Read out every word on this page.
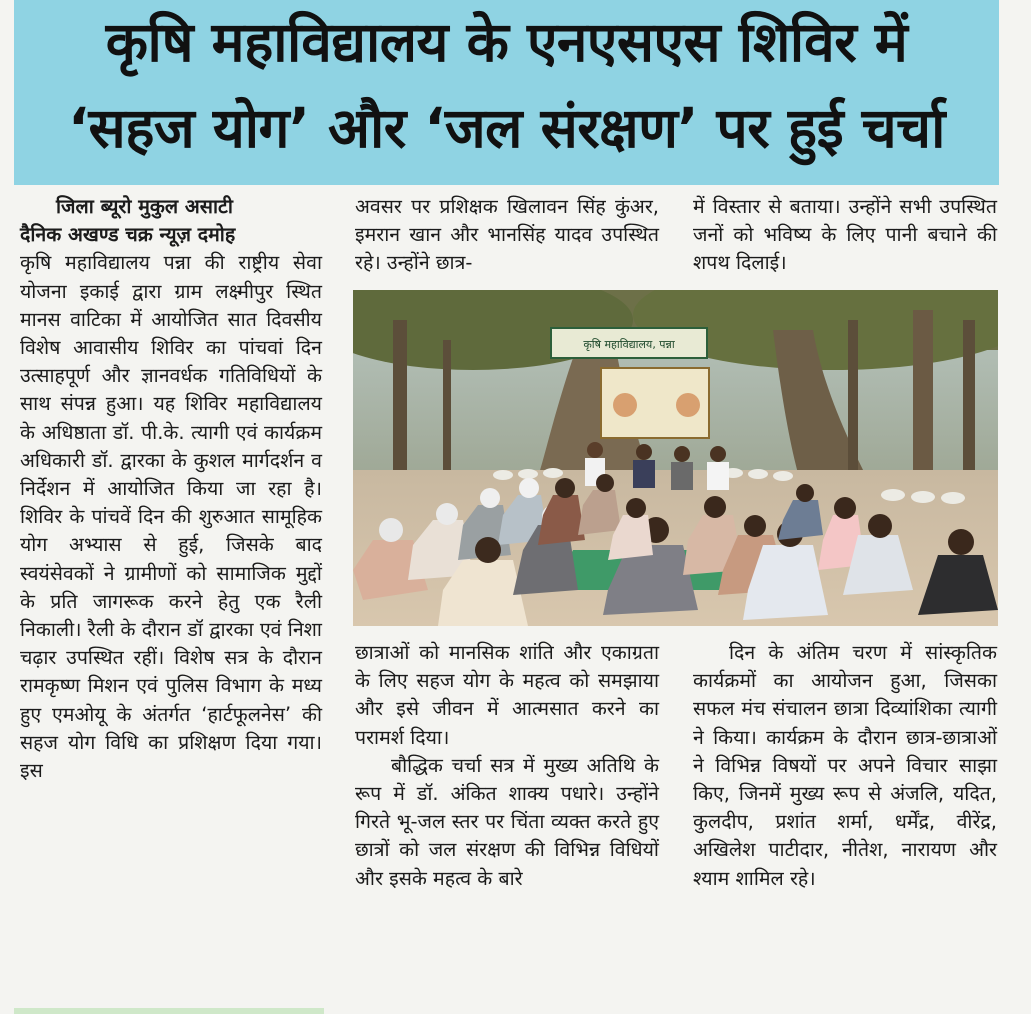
कृषि महाविद्यालय के एनएसएस शिविर में
‘सहज योग’ और ‘जल संरक्षण’ पर हुई चर्चा

जिला ब्यूरो मुकुल असाटी

दैनिक अखण्ड चक्र न्यूज़ दमोह

कृषि महाविद्यालय पन्ना की राष्ट्रीय सेवा योजना इकाई द्वारा ग्राम लक्ष्मीपुर स्थित मानस वाटिका में आयोजित सात दिवसीय विशेष आवासीय शिविर का पांचवां दिन उत्साहपूर्ण और ज्ञानवर्धक गतिविधियों के साथ संपन्न हुआ। यह शिविर महाविद्यालय के अधिष्ठाता डॉ. पी.के. त्यागी एवं कार्यक्रम अधिकारी डॉ. द्वारका के कुशल मार्गदर्शन व निर्देशन में आयोजित किया जा रहा है। शिविर के पांचवें दिन की शुरुआत सामूहिक योग अभ्यास से हुई, जिसके बाद स्वयंसेवकों ने ग्रामीणों को सामाजिक मुद्दों के प्रति जागरूक करने हेतु एक रैली निकाली। रैली के दौरान डॉ द्वारका एवं निशा चढ़ार उपस्थित रहीं। विशेष सत्र के दौरान रामकृष्ण मिशन एवं पुलिस विभाग के मध्य हुए एमओयू के अंतर्गत ‘हार्टफूलनेस’ की सहज योग विधि का प्रशिक्षण दिया गया। इस

अवसर पर प्रशिक्षक खिलावन सिंह कुंअर, इमरान खान और भानसिंह यादव उपस्थित रहे। उन्होंने छात्र-

में विस्तार से बताया। उन्होंने सभी उपस्थित जनों को भविष्य के लिए पानी बचाने की शपथ दिलाई।

कृषि महाविद्यालय, पन्ना

छात्राओं को मानसिक शांति और एकाग्रता के लिए सहज योग के महत्व को समझाया और इसे जीवन में आत्मसात करने का परामर्श दिया।

बौद्धिक चर्चा सत्र में मुख्य अतिथि के रूप में डॉ. अंकित शाक्य पधारे। उन्होंने गिरते भू-जल स्तर पर चिंता व्यक्त करते हुए छात्रों को जल संरक्षण की विभिन्न विधियों और इसके महत्व के बारे

दिन के अंतिम चरण में सांस्कृतिक कार्यक्रमों का आयोजन हुआ, जिसका सफल मंच संचालन छात्रा दिव्यांशिका त्यागी ने किया। कार्यक्रम के दौरान छात्र-छात्राओं ने विभिन्न विषयों पर अपने विचार साझा किए, जिनमें मुख्य रूप से अंजलि, यदित, कुलदीप, प्रशांत शर्मा, धर्मेंद्र, वीरेंद्र, अखिलेश पाटीदार, नीतेश, नारायण और श्याम शामिल रहे।
